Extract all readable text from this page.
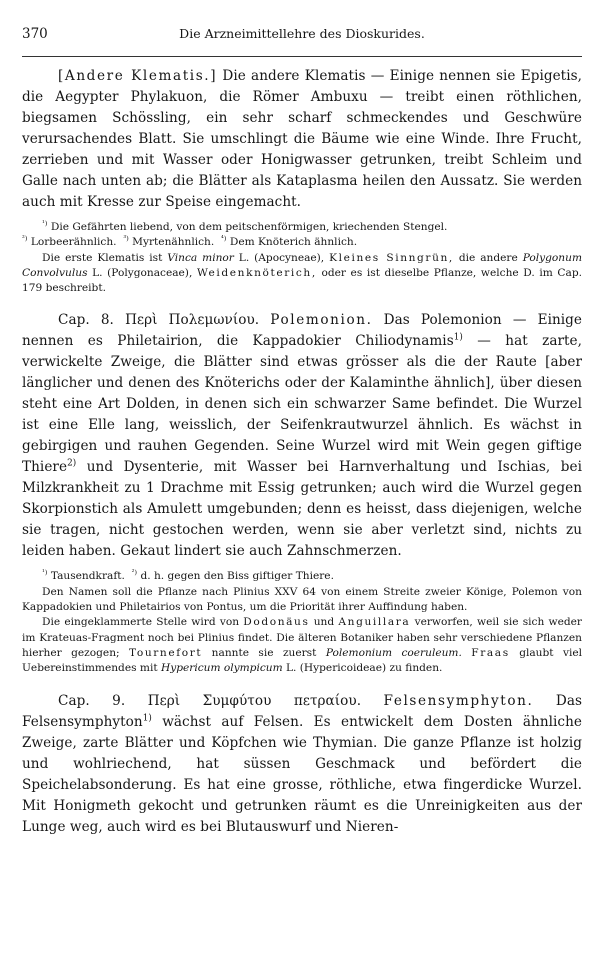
370	Die Arzneimittellehre des Dioskurides.

[Andere Klematis.] Die andere Klematis — Einige nennen sie Epigetis, die Aegypter Phylakuon, die Römer Ambuxu — treibt einen röthlichen, biegsamen Schössling, ein sehr scharf schmeckendes und Geschwüre verursachendes Blatt. Sie umschlingt die Bäume wie eine Winde. Ihre Frucht, zerrieben und mit Wasser oder Honigwasser getrunken, treibt Schleim und Galle nach unten ab; die Blätter als Kataplasma heilen den Aussatz. Sie werden auch mit Kresse zur Speise eingemacht.

$^{^1)}$ Die Gefährten liebend, von dem peitschenförmigen, kriechenden Stengel.

$^{^2)}$ Lorbeerähnlich. $^{^3)}$ Myrtenähnlich. $^{^4)}$ Dem Knöterich ähnlich.

Die erste Klematis ist Vinca minor L. (Apocyneae), Kleines Sinngrün, die andere Polygonum Convolvulus L. (Polygonaceae), Weidenknöterich, oder es ist dieselbe Pflanze, welche D. im Cap. 179 beschreibt.

Cap. 8. Περὶ Πολεμωνίου. Polemonion. Das Polemonion — Einige nennen es Philetairion, die Kappadokier Chiliodynamis$^{1)}$ — hat zarte, verwickelte Zweige, die Blätter sind etwas grösser als die der Raute [aber länglicher und denen des Knöterichs oder der Kalaminthe ähnlich], über diesen steht eine Art Dolden, in denen sich ein schwarzer Same befindet. Die Wurzel ist eine Elle lang, weisslich, der Seifenkrautwurzel ähnlich. Es wächst in gebirgigen und rauhen Gegenden. Seine Wurzel wird mit Wein gegen giftige Thiere$^{2)}$ und Dysenterie, mit Wasser bei Harnverhaltung und Ischias, bei Milzkrankheit zu 1 Drachme mit Essig getrunken; auch wird die Wurzel gegen Skorpionstich als Amulett umgebunden; denn es heisst, dass diejenigen, welche sie tragen, nicht gestochen werden, wenn sie aber verletzt sind, nichts zu leiden haben. Gekaut lindert sie auch Zahnschmerzen.

$^{^1)}$ Tausendkraft. $^{^2)}$ d. h. gegen den Biss giftiger Thiere.

Den Namen soll die Pflanze nach Plinius XXV 64 von einem Streite zweier Könige, Polemon von Kappadokien und Philetairios von Pontus, um die Priorität ihrer Auffindung haben.

Die eingeklammerte Stelle wird von Dodonäus und Anguillara verworfen, weil sie sich weder im Krateuas-Fragment noch bei Plinius findet. Die älteren Botaniker haben sehr verschiedene Pflanzen hierher gezogen; Tournefort nannte sie zuerst Polemonium coeruleum. Fraas glaubt viel Uebereinstimmendes mit Hypericum olympicum L. (Hypericoideae) zu finden.

Cap. 9. Περὶ Συμφύτου πετραίου. Felsensymphyton. Das Felsensymphyton$^{1)}$ wächst auf Felsen. Es entwickelt dem Dosten ähnliche Zweige, zarte Blätter und Köpfchen wie Thymian. Die ganze Pflanze ist holzig und wohlriechend, hat süssen Geschmack und befördert die Speichelabsonderung. Es hat eine grosse, röthliche, etwa fingerdicke Wurzel. Mit Honigmeth gekocht und getrunken räumt es die Unreinigkeiten aus der Lunge weg, auch wird es bei Blutauswurf und Nieren-
